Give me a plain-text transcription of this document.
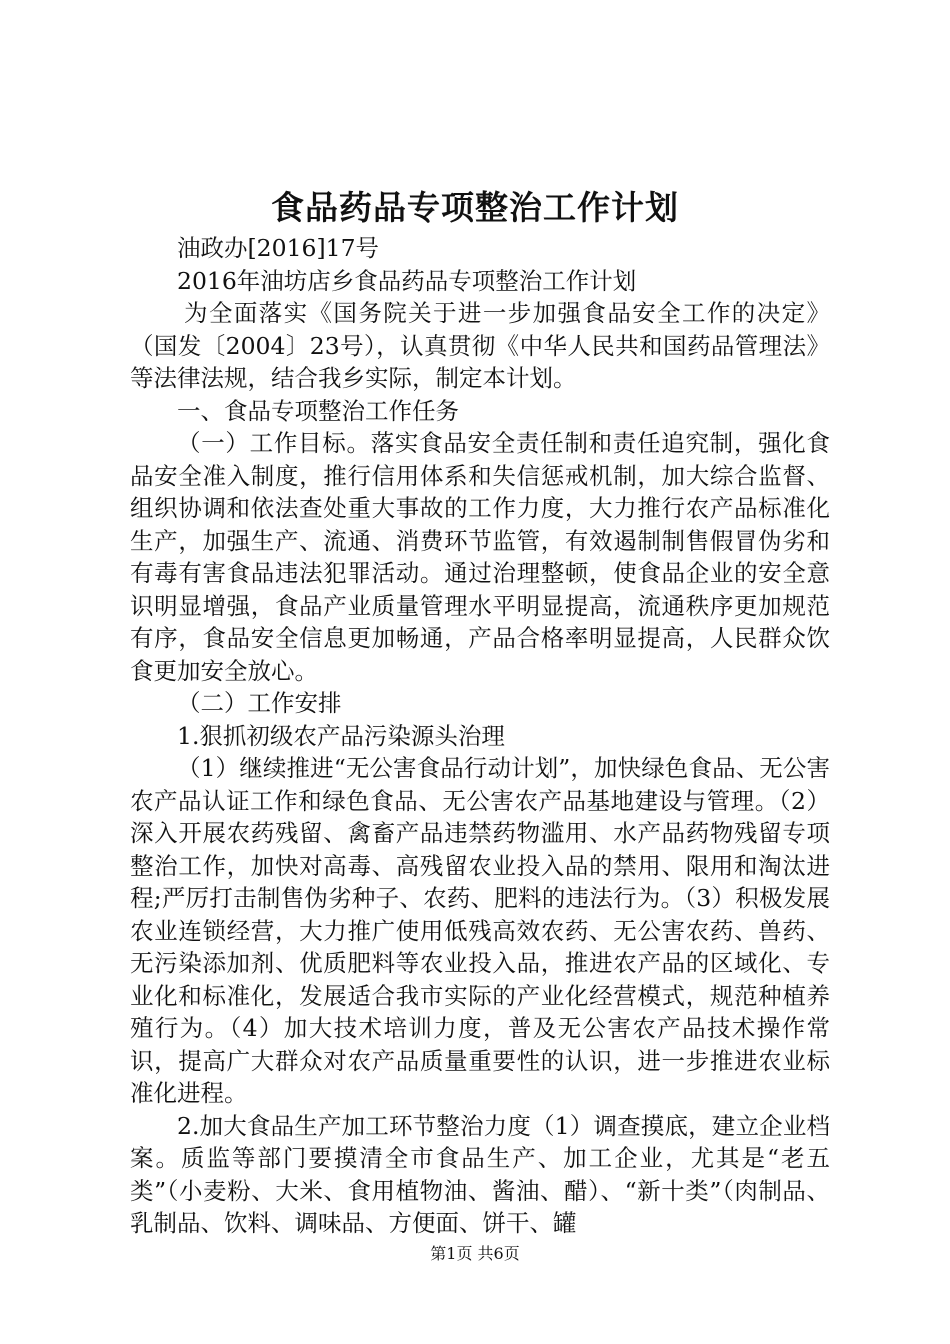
食品药品专项整治工作计划

油政办[2016]17号

2016年油坊店乡食品药品专项整治工作计划

为全面落实《国务院关于进一步加强食品安全工作的决定》（国发〔2004〕23号），认真贯彻《中华人民共和国药品管理法》等法律法规，结合我乡实际，制定本计划。

一、食品专项整治工作任务

（一）工作目标。落实食品安全责任制和责任追究制，强化食品安全准入制度，推行信用体系和失信惩戒机制，加大综合监督、组织协调和依法查处重大事故的工作力度，大力推行农产品标准化生产，加强生产、流通、消费环节监管，有效遏制制售假冒伪劣和有毒有害食品违法犯罪活动。通过治理整顿，使食品企业的安全意识明显增强，食品产业质量管理水平明显提高，流通秩序更加规范有序，食品安全信息更加畅通，产品合格率明显提高，人民群众饮食更加安全放心。

（二）工作安排

1.狠抓初级农产品污染源头治理

（1）继续推进“无公害食品行动计划”，加快绿色食品、无公害农产品认证工作和绿色食品、无公害农产品基地建设与管理。（2）深入开展农药残留、禽畜产品违禁药物滥用、水产品药物残留专项整治工作，加快对高毒、高残留农业投入品的禁用、限用和淘汰进程;严厉打击制售伪劣种子、农药、肥料的违法行为。（3）积极发展农业连锁经营，大力推广使用低残高效农药、无公害农药、兽药、无污染添加剂、优质肥料等农业投入品，推进农产品的区域化、专业化和标准化，发展适合我市实际的产业化经营模式，规范种植养殖行为。（4）加大技术培训力度，普及无公害农产品技术操作常识，提高广大群众对农产品质量重要性的认识，进一步推进农业标准化进程。

2.加大食品生产加工环节整治力度（1）调查摸底，建立企业档案。质监等部门要摸清全市食品生产、加工企业，尤其是“老五类”（小麦粉、大米、食用植物油、酱油、醋）、“新十类”（肉制品、乳制品、饮料、调味品、方便面、饼干、罐

第1页 共6页
